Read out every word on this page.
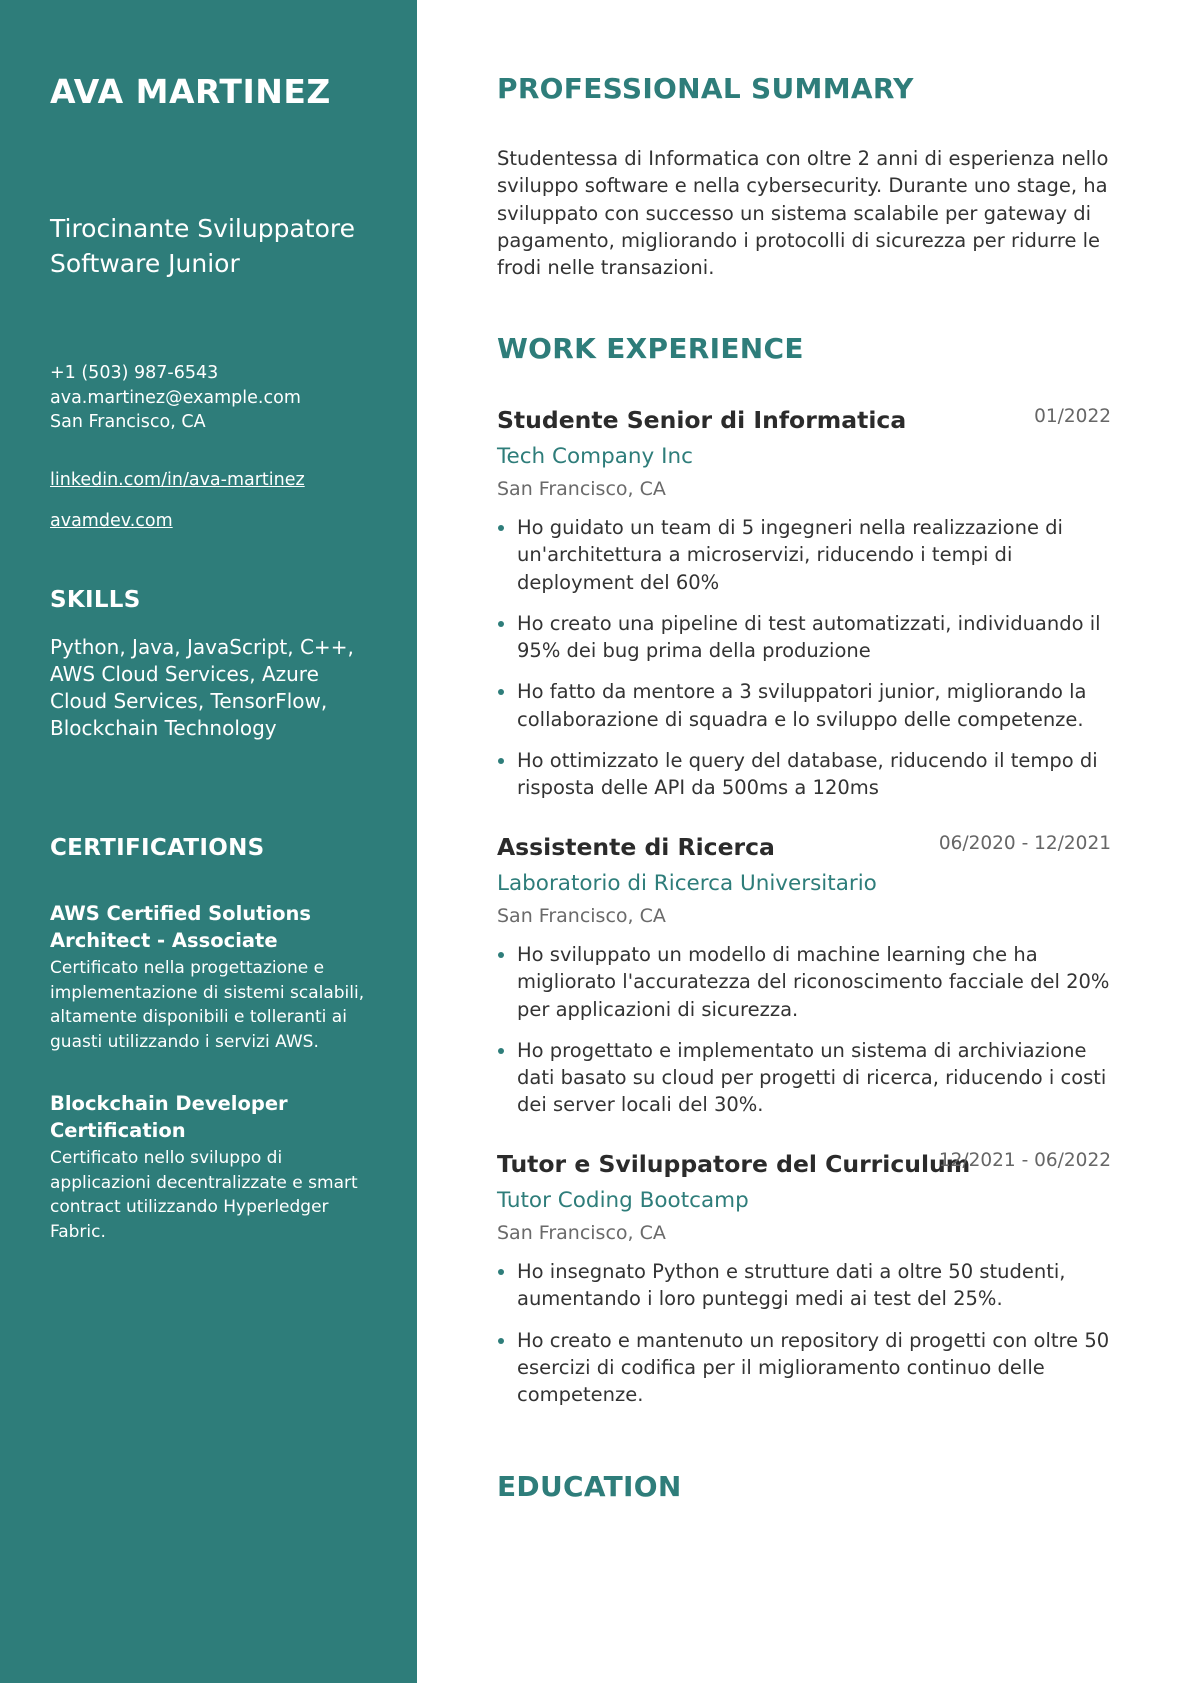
AVA MARTINEZ
Tirocinante Sviluppatore
Software Junior
+1 (503) 987-6543
ava.martinez@example.com
San Francisco, CA
linkedin.com/in/ava-martinez
avamdev.com
SKILLS
Python, Java, JavaScript, C++, AWS Cloud Services, Azure Cloud Services, TensorFlow, Blockchain Technology
CERTIFICATIONS
AWS Certified Solutions Architect - Associate
Certificato nella progettazione e implementazione di sistemi scalabili, altamente disponibili e tolleranti ai guasti utilizzando i servizi AWS.
Blockchain Developer Certification
Certificato nello sviluppo di applicazioni decentralizzate e smart contract utilizzando Hyperledger Fabric.
PROFESSIONAL SUMMARY
Studentessa di Informatica con oltre 2 anni di esperienza nello sviluppo software e nella cybersecurity. Durante uno stage, ha sviluppato con successo un sistema scalabile per gateway di pagamento, migliorando i protocolli di sicurezza per ridurre le frodi nelle transazioni.
WORK EXPERIENCE
Studente Senior di Informatica	01/2022
Tech Company Inc
San Francisco, CA
Ho guidato un team di 5 ingegneri nella realizzazione di un'architettura a microservizi, riducendo i tempi di deployment del 60%
Ho creato una pipeline di test automatizzati, individuando il 95% dei bug prima della produzione
Ho fatto da mentore a 3 sviluppatori junior, migliorando la collaborazione di squadra e lo sviluppo delle competenze.
Ho ottimizzato le query del database, riducendo il tempo di risposta delle API da 500ms a 120ms
Assistente di Ricerca	06/2020 - 12/2021
Laboratorio di Ricerca Universitario
San Francisco, CA
Ho sviluppato un modello di machine learning che ha migliorato l'accuratezza del riconoscimento facciale del 20% per applicazioni di sicurezza.
Ho progettato e implementato un sistema di archiviazione dati basato su cloud per progetti di ricerca, riducendo i costi dei server locali del 30%.
Tutor e Sviluppatore del Curriculum
12/2021 - 06/2022
Tutor Coding Bootcamp
San Francisco, CA
Ho insegnato Python e strutture dati a oltre 50 studenti, aumentando i loro punteggi medi ai test del 25%.
Ho creato e mantenuto un repository di progetti con oltre 50 esercizi di codifica per il miglioramento continuo delle competenze.
EDUCATION
